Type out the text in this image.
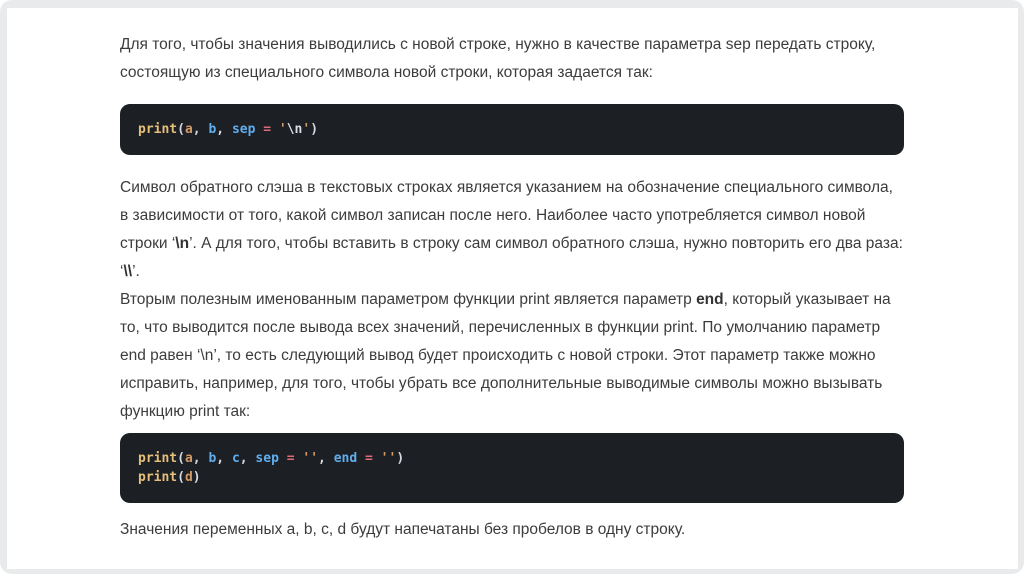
Для того, чтобы значения выводились с новой строке, нужно в качестве параметра sep передать строку, состоящую из специального символа новой строки, которая задается так:

print(a, b, sep = '\n')

Символ обратного слэша в текстовых строках является указанием на обозначение специального символа, в зависимости от того, какой символ записан после него. Наиболее часто употребляется символ новой строки ‘\n’. А для того, чтобы вставить в строку сам символ обратного слэша, нужно повторить его два раза: ‘\\’.

Вторым полезным именованным параметром функции print является параметр end, который указывает на то, что выводится после вывода всех значений, перечисленных в функции print. По умолчанию параметр end равен ‘\n’, то есть следующий вывод будет происходить с новой строки. Этот параметр также можно исправить, например, для того, чтобы убрать все дополнительные выводимые символы можно вызывать функцию print так:

print(a, b, c, sep = '', end = '')
print(d)

Значения переменных a, b, c, d будут напечатаны без пробелов в одну строку.
